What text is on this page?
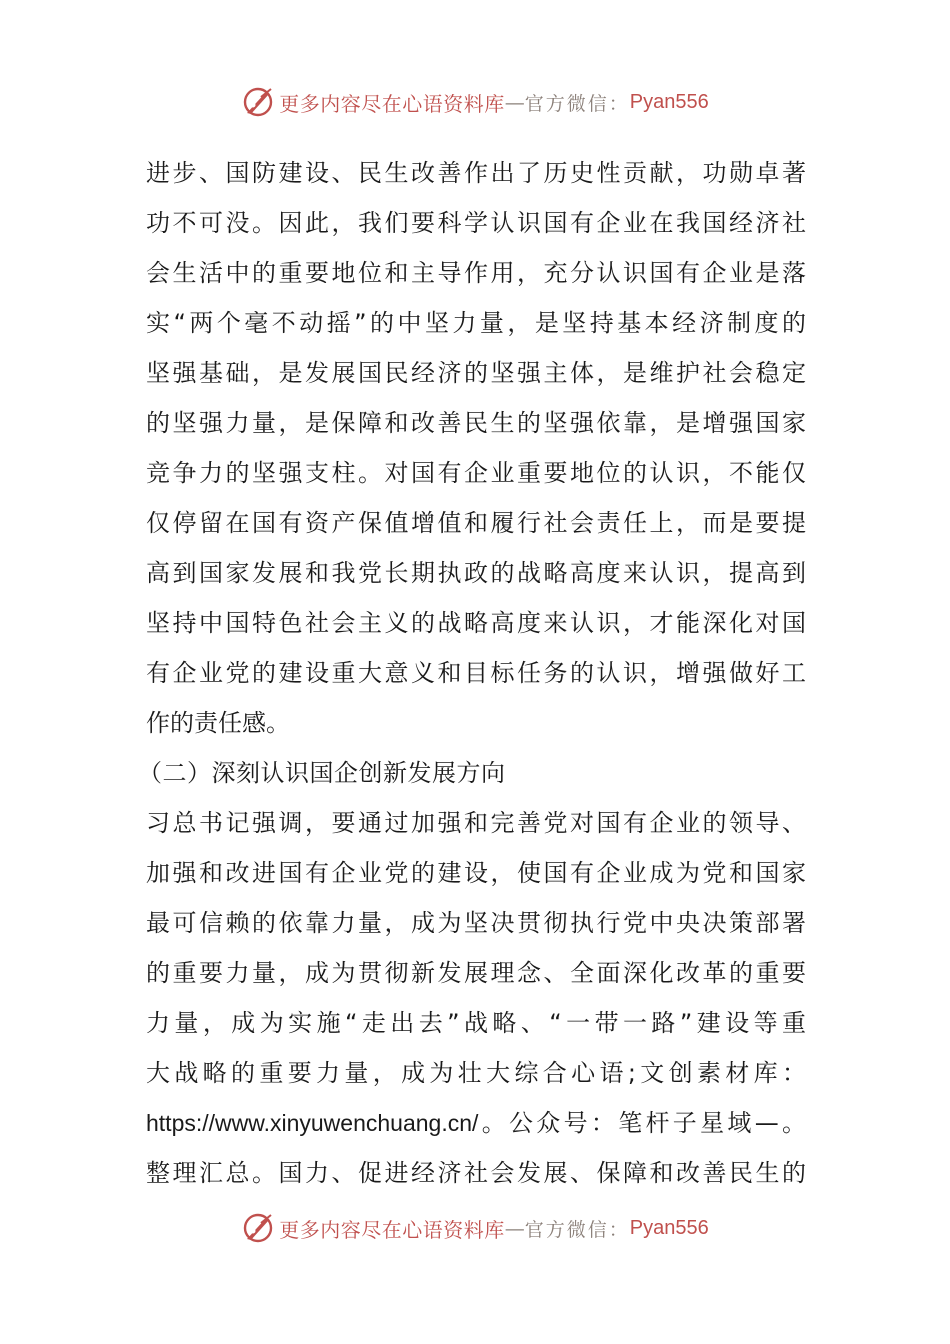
更多内容尽在心语资料库 — 官方微信： Pyan556
进步、国防建设、民生改善作出了历史性贡献，功勋卓著
功不可没。因此，我们要科学认识国有企业在我国经济社
会生活中的重要地位和主导作用，充分认识国有企业是落
实“两个毫不动摇”的中坚力量，是坚持基本经济制度的
坚强基础，是发展国民经济的坚强主体，是维护社会稳定
的坚强力量，是保障和改善民生的坚强依靠，是增强国家
竞争力的坚强支柱。对国有企业重要地位的认识，不能仅
仅停留在国有资产保值增值和履行社会责任上，而是要提
高到国家发展和我党长期执政的战略高度来认识，提高到
坚持中国特色社会主义的战略高度来认识，才能深化对国
有企业党的建设重大意义和目标任务的认识，增强做好工
作的责任感。
（二）深刻认识国企创新发展方向
习总书记强调，要通过加强和完善党对国有企业的领导、
加强和改进国有企业党的建设，使国有企业成为党和国家
最可信赖的依靠力量，成为坚决贯彻执行党中央决策部署
的重要力量，成为贯彻新发展理念、全面深化改革的重要
力量，成为实施“走出去”战略、“一带一路”建设等重
大战略的重要力量，成为壮大综合心语;文创素材库：
https://www.xinyuwenchuang.cn/。公众号：笔杆子星域—。
整理汇总。国力、促进经济社会发展、保障和改善民生的
更多内容尽在心语资料库 — 官方微信： Pyan556
